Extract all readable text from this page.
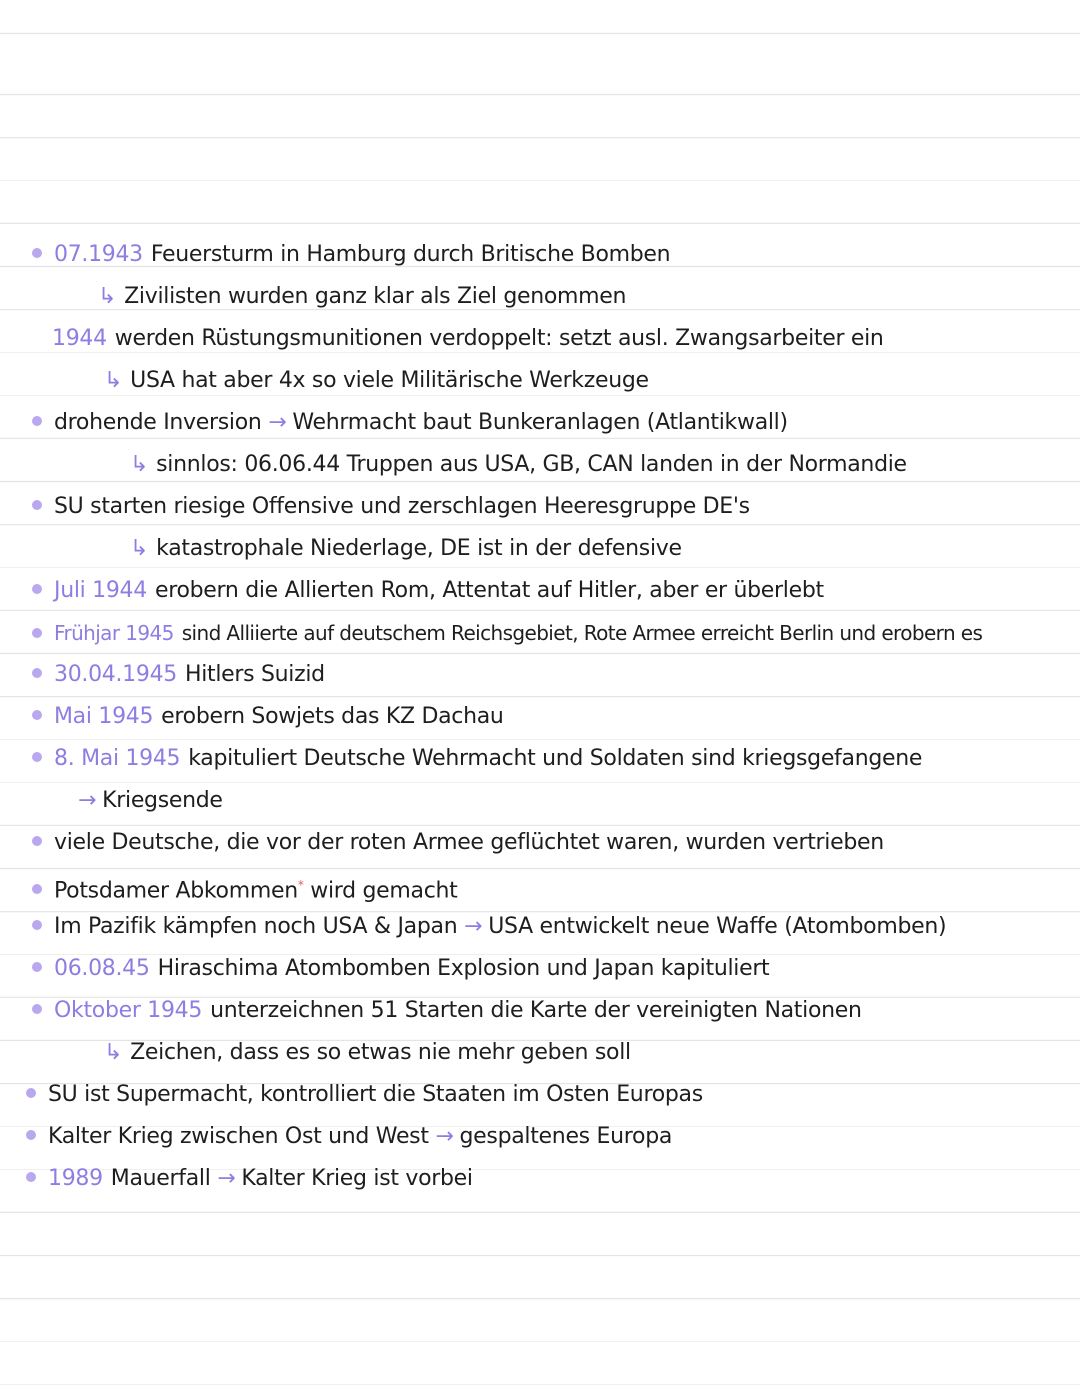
07.1943 Feuersturm in Hamburg durch Britische Bomben
↳ Zivilisten wurden ganz klar als Ziel genommen
1944 werden Rüstungsmunitionen verdoppelt: setzt ausl. Zwangsarbeiter ein
↳ USA hat aber 4x so viele Militärische Werkzeuge
drohende Inversion → Wehrmacht baut Bunkeranlagen (Atlantikwall)
↳ sinnlos: 06.06.44 Truppen aus USA, GB, CAN landen in der Normandie
SU starten riesige Offensive und zerschlagen Heeresgruppe DE's
↳ katastrophale Niederlage, DE ist in der defensive
Juli 1944 erobern die Allierten Rom, Attentat auf Hitler, aber er überlebt
Frühjar 1945 sind Alliierte auf deutschem Reichsgebiet, Rote Armee erreicht Berlin und erobern es
30.04.1945 Hitlers Suizid
Mai 1945 erobern Sowjets das KZ Dachau
8. Mai 1945 kapituliert Deutsche Wehrmacht und Soldaten sind kriegsgefangene
→ Kriegsende
viele Deutsche, die vor der roten Armee geflüchtet waren, wurden vertrieben
Potsdamer Abkommen* wird gemacht
Im Pazifik kämpfen noch USA & Japan → USA entwickelt neue Waffe (Atombomben)
06.08.45 Hiraschima Atombomben Explosion und Japan kapituliert
Oktober 1945 unterzeichnen 51 Starten die Karte der vereinigten Nationen
↳ Zeichen, dass es so etwas nie mehr geben soll
SU ist Supermacht, kontrolliert die Staaten im Osten Europas
Kalter Krieg zwischen Ost und West → gespaltenes Europa
1989 Mauerfall → Kalter Krieg ist vorbei
